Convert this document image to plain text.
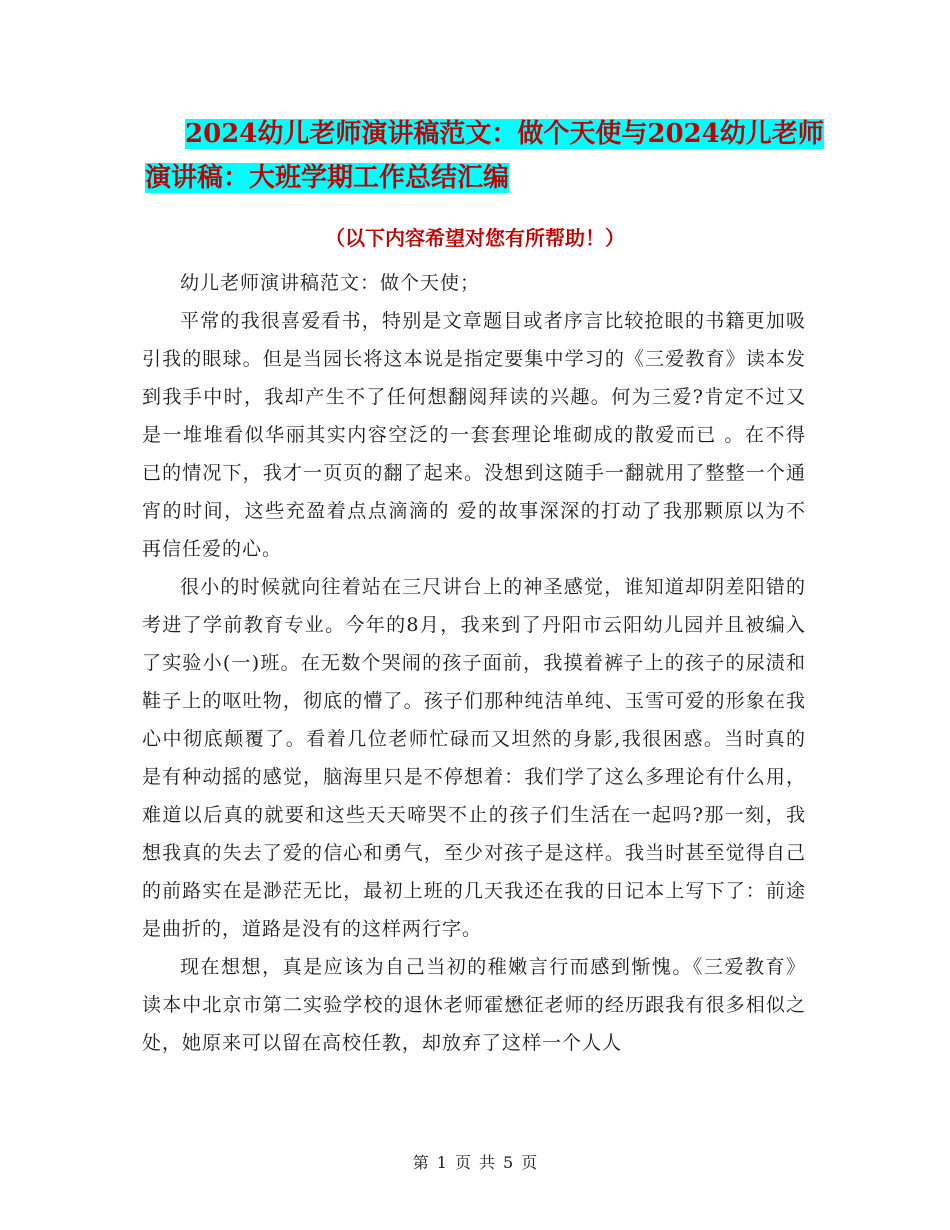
2024幼儿老师演讲稿范文：做个天使与2024幼儿老师
演讲稿：大班学期工作总结汇编
（以下内容希望对您有所帮助！）

幼儿老师演讲稿范文：做个天使；

平常的我很喜爱看书，特别是文章题目或者序言比较抢眼的书籍更加吸引我的眼球。但是当园长将这本说是指定要集中学习的《三爱教育》读本发到我手中时，我却产生不了任何想翻阅拜读的兴趣。何为三爱?肯定不过又是一堆堆看似华丽其实内容空泛的一套套理论堆砌成的散爱而已 。在不得已的情况下，我才一页页的翻了起来。没想到这随手一翻就用了整整一个通宵的时间，这些充盈着点点滴滴的 爱的故事深深的打动了我那颗原以为不再信任爱的心。

很小的时候就向往着站在三尺讲台上的神圣感觉，谁知道却阴差阳错的考进了学前教育专业。今年的8月，我来到了丹阳市云阳幼儿园并且被编入了实验小(一)班。在无数个哭闹的孩子面前，我摸着裤子上的孩子的尿渍和鞋子上的呕吐物，彻底的懵了。孩子们那种纯洁单纯、玉雪可爱的形象在我心中彻底颠覆了。看着几位老师忙碌而又坦然的身影,我很困惑。当时真的是有种动摇的感觉，脑海里只是不停想着：我们学了这么多理论有什么用，难道以后真的就要和这些天天啼哭不止的孩子们生活在一起吗?那一刻，我想我真的失去了爱的信心和勇气，至少对孩子是这样。我当时甚至觉得自己的前路实在是渺茫无比，最初上班的几天我还在我的日记本上写下了：前途是曲折的，道路是没有的这样两行字。

现在想想，真是应该为自己当初的稚嫩言行而感到惭愧。《三爱教育》读本中北京市第二实验学校的退休老师霍懋征老师的经历跟我有很多相似之处，她原来可以留在高校任教，却放弃了这样一个人人

第 1 页 共 5 页
